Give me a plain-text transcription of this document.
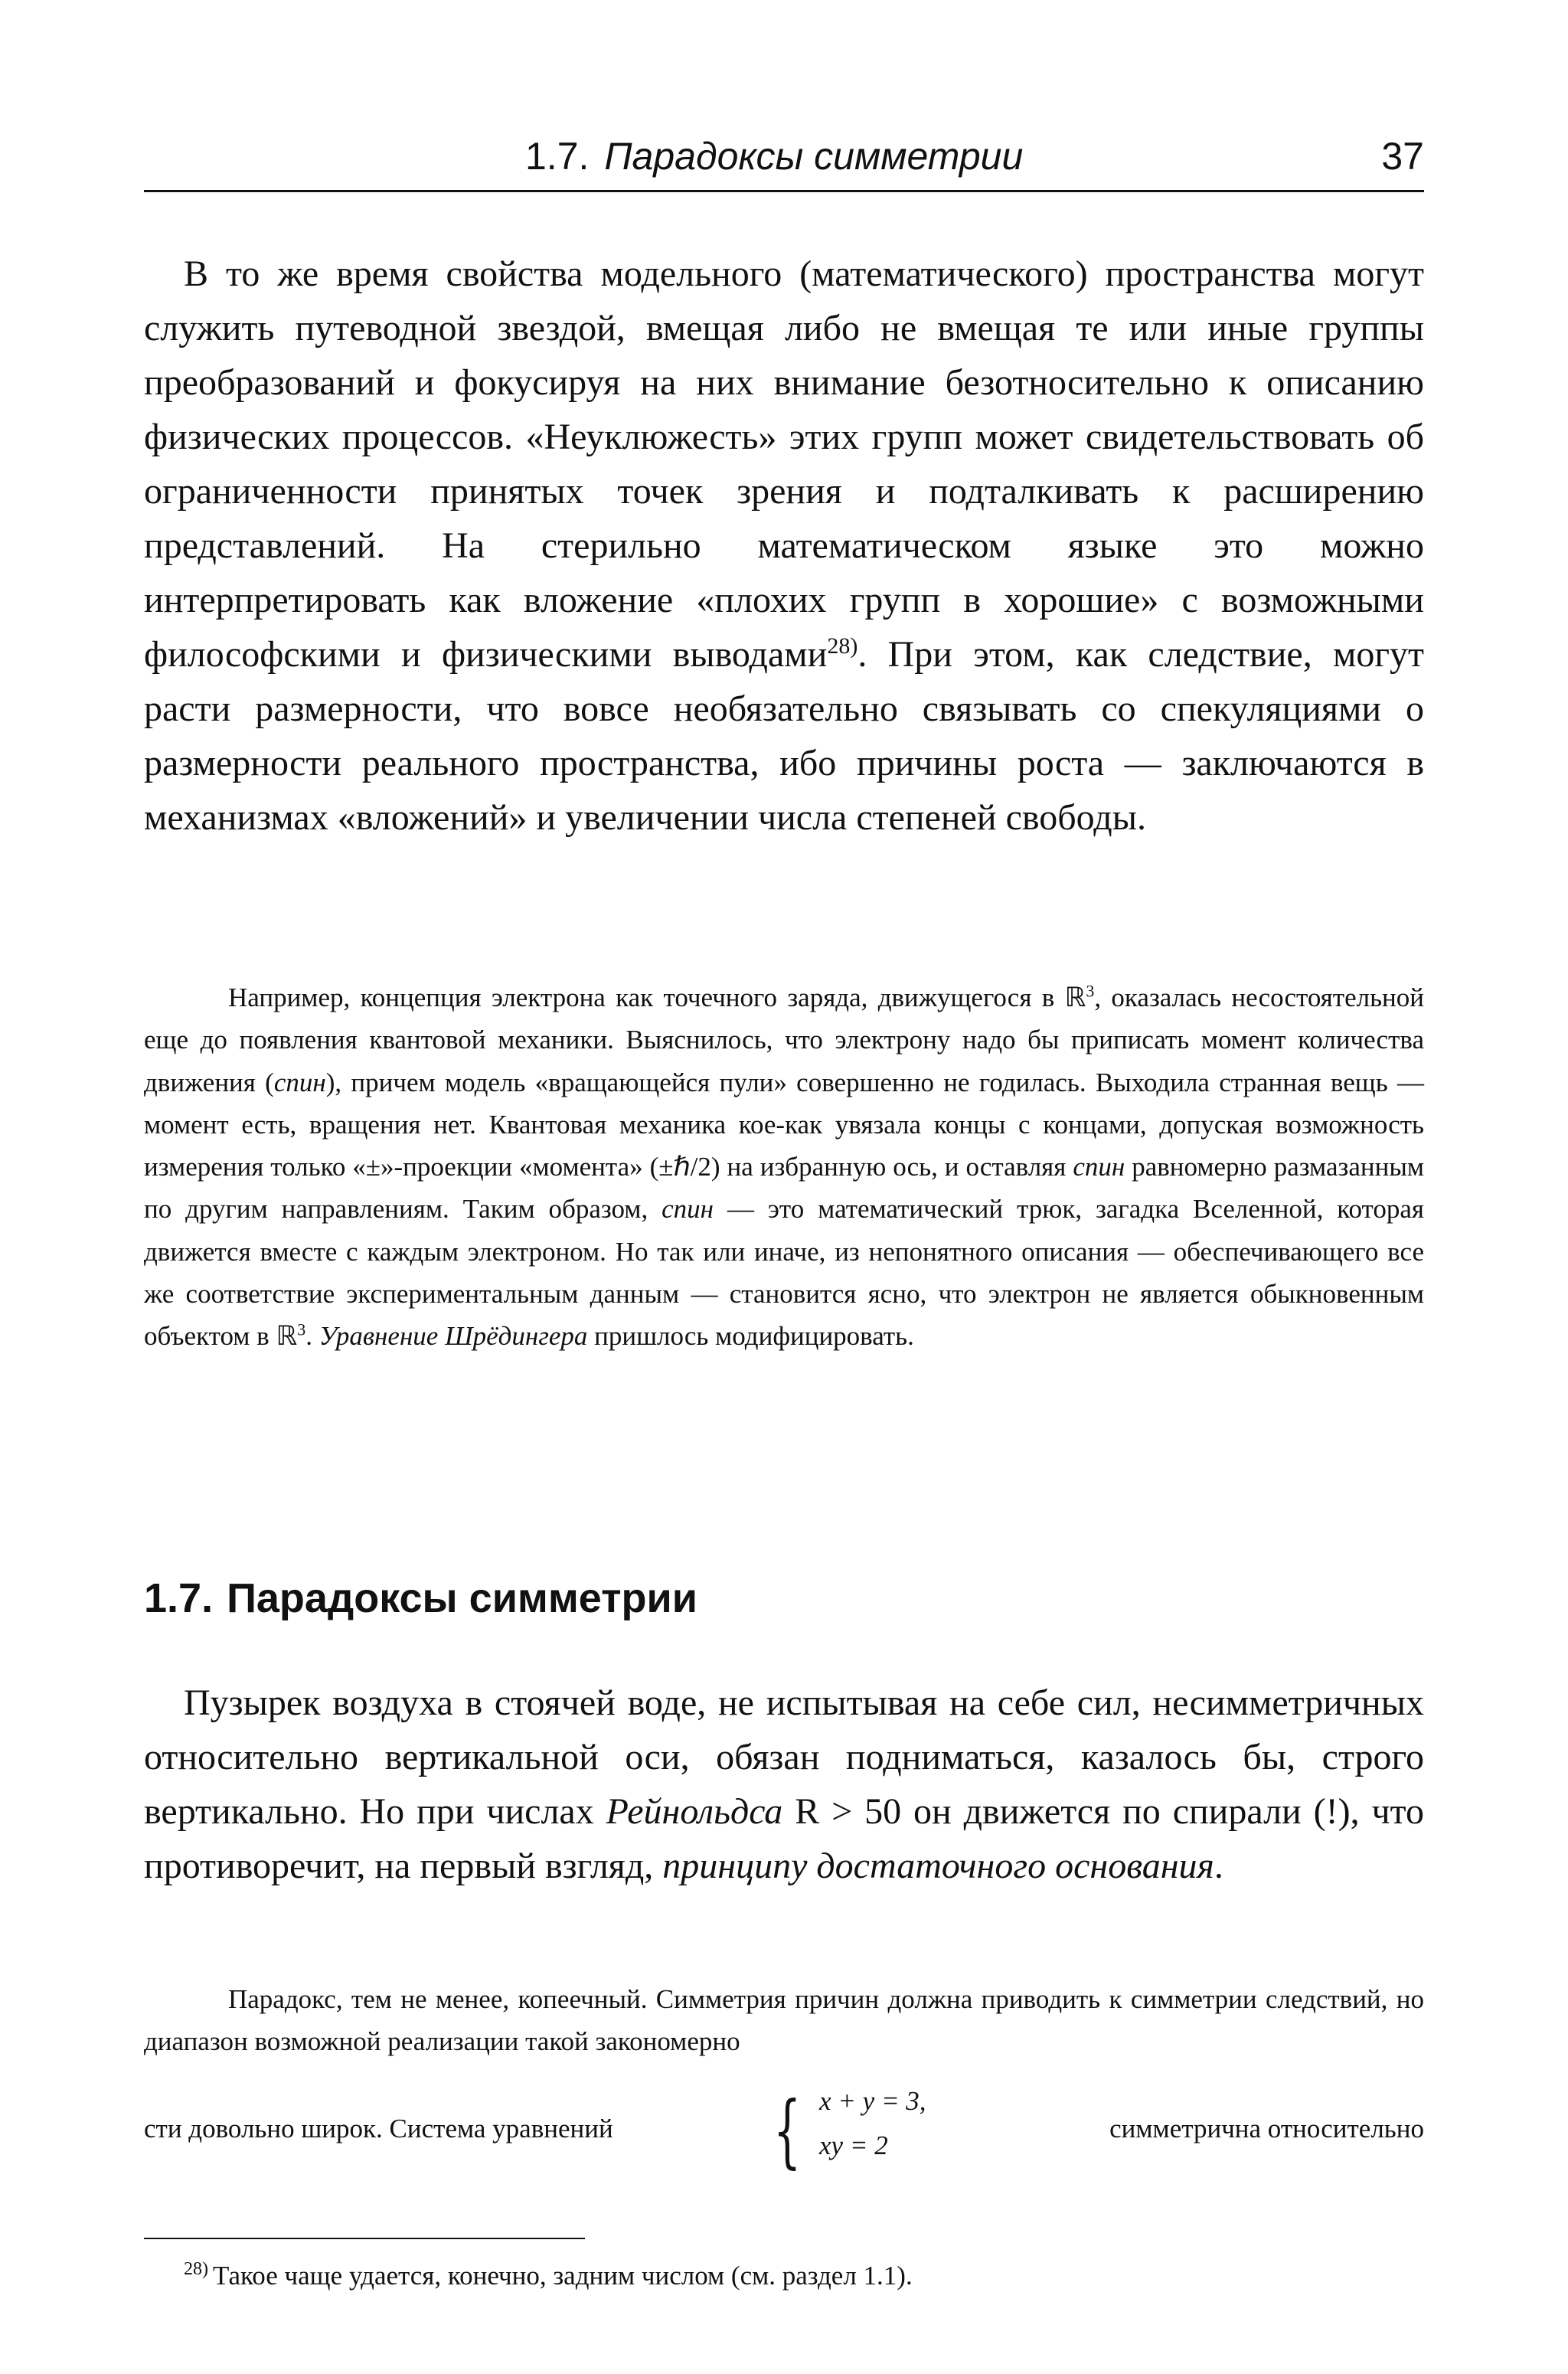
1.7. Парадоксы симметрии	37

В то же время свойства модельного (математического) пространства могут служить путеводной звездой, вмещая либо не вмещая те или иные группы преобразований и фокусируя на них внимание безотносительно к описанию физических процессов. «Неуклюжесть» этих групп может свидетельствовать об ограниченности принятых точек зрения и подталкивать к расширению представлений. На стерильно математическом языке это можно интерпретировать как вложение «плохих групп в хорошие» с возможными философскими и физическими выводами$^{28)}$. При этом, как следствие, могут расти размерности, что вовсе необязательно связывать со спекуляциями о размерности реального пространства, ибо причины роста — заключаются в механизмах «вложений» и увеличении числа степеней свободы.

Например, концепция электрона как точечного заряда, движущегося в ℝ$^3$, оказалась несостоятельной еще до появления квантовой механики. Выяснилось, что электрону надо бы приписать момент количества движения (спин), причем модель «вращающейся пули» совершенно не годилась. Выходила странная вещь — момент есть, вращения нет. Квантовая механика кое-как увязала концы с концами, допуская возможность измерения только «±»-проекции «момента» (±ℏ/2) на избранную ось, и оставляя спин равномерно размазанным по другим направлениям. Таким образом, спин — это математический трюк, загадка Вселенной, которая движется вместе с каждым электроном. Но так или иначе, из непонятного описания — обеспечивающего все же соответствие экспериментальным данным — становится ясно, что электрон не является обыкновенным объектом в ℝ$^3$. Уравнение Шрёдингера пришлось модифицировать.

1.7. Парадоксы симметрии

Пузырек воздуха в стоячей воде, не испытывая на себе сил, несимметричных относительно вертикальной оси, обязан подниматься, казалось бы, строго вертикально. Но при числах Рейнольдса R > 50 он движется по спирали (!), что противоречит, на первый взгляд, принципу достаточного основания.

Парадокс, тем не менее, копеечный. Симметрия причин должна приводить к симметрии следствий, но диапазон возможной реализации такой закономерно

сти довольно широк. Система уравнений { x + y = 3,
xy = 2
симметрична относительно
$^{28)}$ Такое чаще удается, конечно, задним числом (см. раздел 1.1).
